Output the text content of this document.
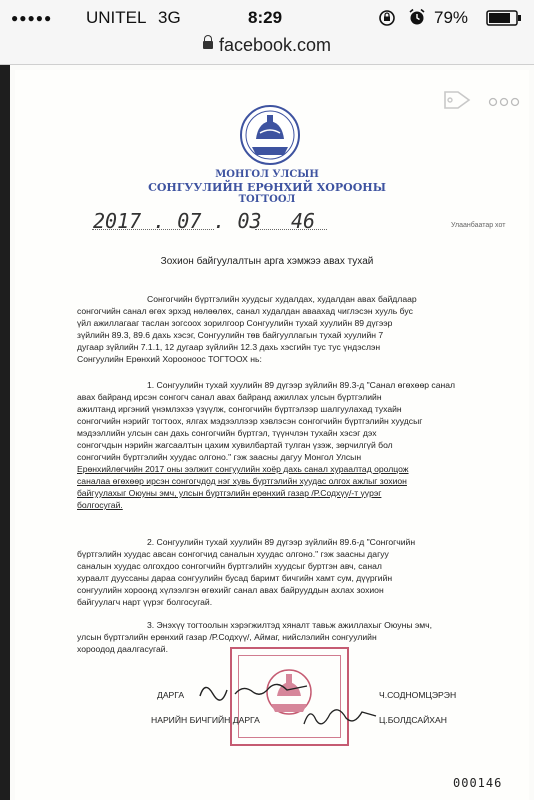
●●●●● UNITEL 3G	8:29	79%
facebook.com
МОНГОЛ УЛСЫН
СОНГУУЛИЙН ЕРӨНХИЙ ХОРООНЫ
ТОГТООЛ
2017 . 07 . 03 46	Улаанбаатар хот
Зохион байгуулалтын арга хэмжээ авах тухай
Сонгогчийн бүртгэлийн хуудсыг худалдах, худалдан авах байдлаар
сонгогчийн санал өгөх эрхэд нөлөөлөх, санал худалдан аваахад чиглэсэн хууль бус
үйл ажиллагааг таслан зогсоох зорилгоор Сонгуулийн тухай хуулийн 89 дүгээр
зүйлийн 89.3, 89.6 дахь хэсэг, Сонгуулийн төв байгууллагын тухай хуулийн 7
дугаар зүйлийн 7.1.1, 12 дугаар зүйлийн 12.3 дахь хэсгийн тус тус үндэслэн
Сонгуулийн Ерөнхий Хорооноос ТОГТООХ нь:
1. Сонгуулийн тухай хуулийн 89 дүгээр зүйлийн 89.3-д "Санал өгөхөөр санал
авах байранд ирсэн сонгогч санал авах байранд ажиллах улсын бүртгэлийн
ажилтанд иргэний үнэмлэхээ үзүүлж, сонгогчийн бүртгэлээр шалгуулахад тухайн
сонгогчийн нэрийг тогтоох, ялгах мэдээллээр хэвлэсэн сонгогчийн бүртгэлийн хуудсыг
мэдээллийн улсын сан дахь сонгогчийн бүртгэл, түүнчлэн тухайн хэсэг дэх
сонгогчдын нэрийн жагсаалтын цахим хувилбартай тулган үзэж, зөрчилгүй бол
сонгогчийн бүртгэлийн хуудас олгоно." гэж заасны дагуу Монгол Улсын
Ерөнхийлөгчийн 2017 оны ээлжит сонгуулийн хоёр дахь санал хураалтад оролцож
саналаа өгөхөөр ирсэн сонгогчдод нэг хувь бүртгэлийн хуудас олгох ажлыг зохион
байгуулахыг Оюуны эмч, улсын бүртгэлийн ерөнхий газар /Р.Содхүү/-т үүрэг
болгосугай.
2. Сонгуулийн тухай хуулийн 89 дүгээр зүйлийн 89.6-д "Сонгогчийн
бүртгэлийн хуудас авсан сонгогчид саналын хуудас олгоно." гэж заасны дагуу
саналын хуудас олгохдоо сонгогчийн бүртгэлийн хуудсыг буртгэн авч, санал
хураалт дууссаны дараа сонгуулийн бусад баримт бичгийн хамт сум, дүүргийн
сонгуулийн хороонд хүлээлгэн өгөхийг санал авах байрууддын ахлах зохион
байгуулагч нарт үүрэг болгосугай.
3. Энэхүү тогтоолын хэрэгжилтэд хяналт тавьж ажиллахыг Оюуны эмч,
улсын бүртгэлийн ерөнхий газар /Р.Содхүү/, Аймаг, нийслэлийн сонгуулийн
хороодод даалгасугай.
ДАРГА	Ч.СОДНОМЦЭРЭН
НАРИЙН БИЧГИЙН ДАРГА	Ц.БОЛДСАЙХАН
000146
